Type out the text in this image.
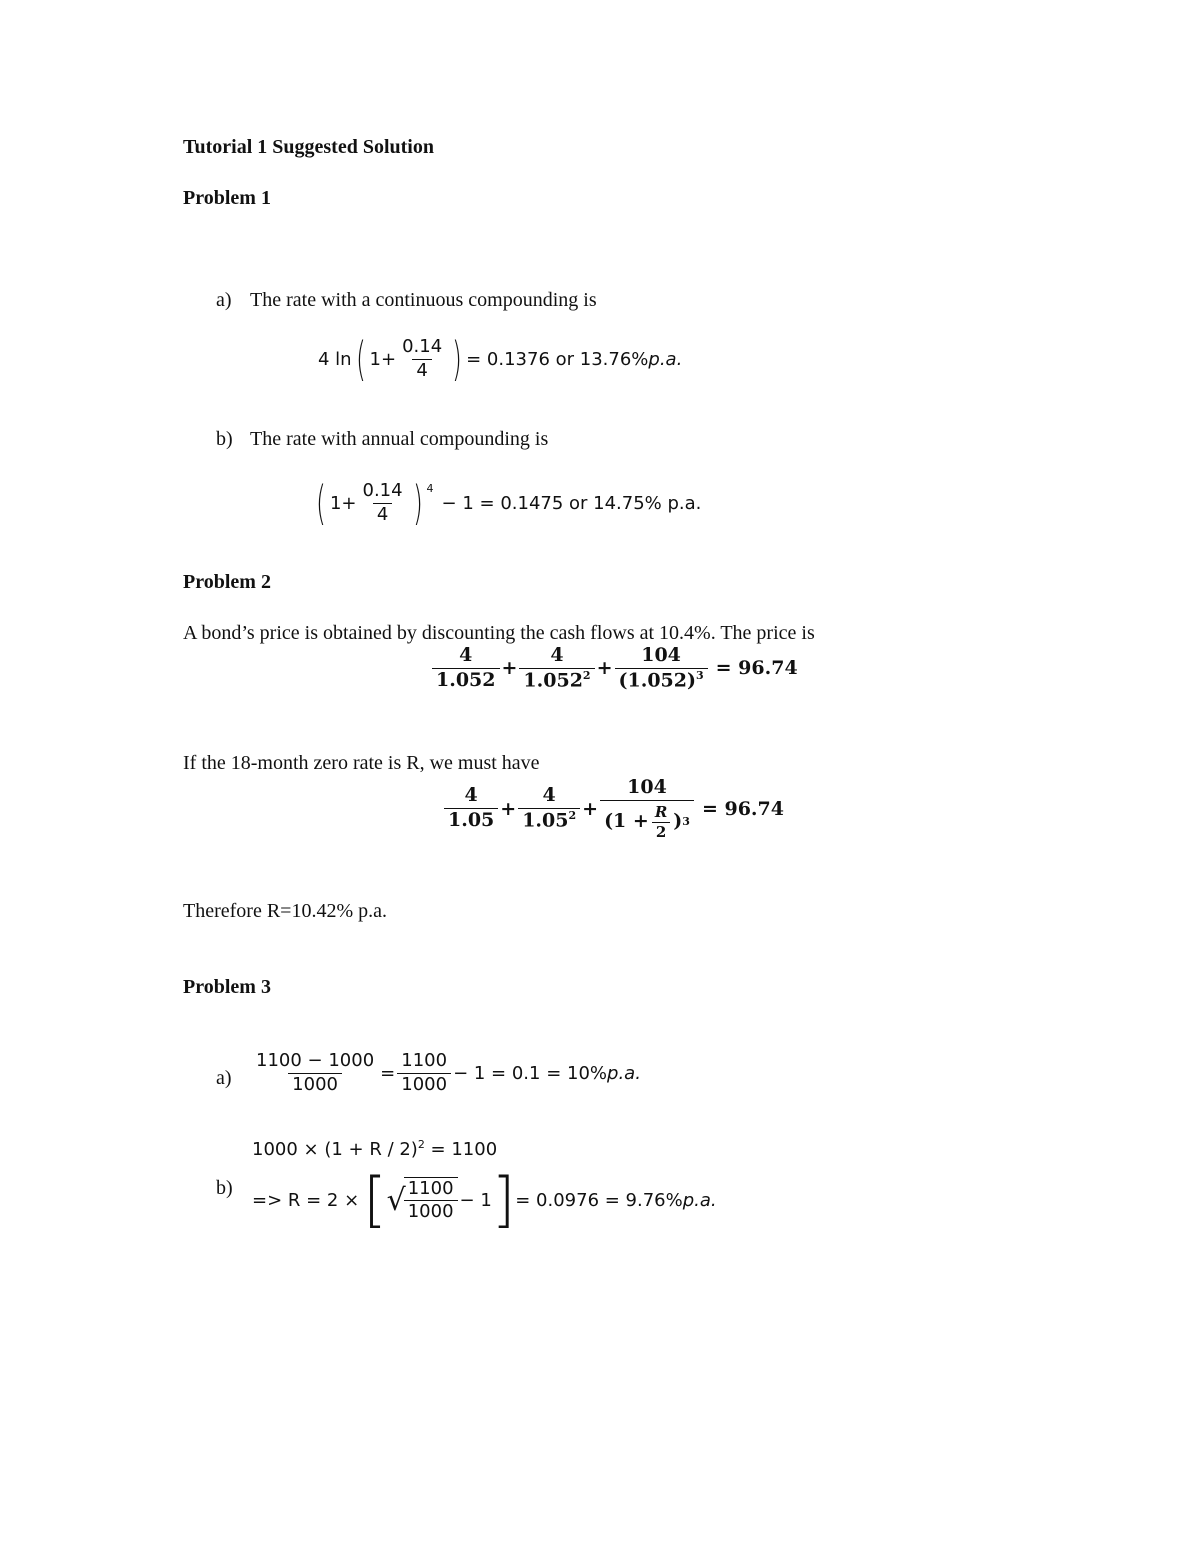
Tutorial 1 Suggested Solution
Problem 1
a) The rate with a continuous compounding is
4 ln ( $1+ \frac{0.14}{4}$ ) = 0.1376 or 13.76% p.a.
b) The rate with annual compounding is
( $1+ \frac{0.14}{4}$ ) $^4$
− 1 = 0.1475 or 14.75% p.a.
Problem 2
A bond’s price is obtained by discounting the cash flows at 10.4%. The price is
$\frac{4}{1.052} + \frac{4}{1.052^2} + \frac{104}{(1.052)^3} = 96.74$
If the 18-month zero rate is R, we must have
$\frac{4}{1.05} + \frac{4}{1.05^2} + \frac{104}{(1 + \frac{R}{2} ) 3} = 96.74$
Therefore R=10.42% p.a.
Problem 3
$a) \frac{1100 - 1000}{1000} = \frac{1100}{1000} - 1 = 0.1 = 10\%$ p.a.
$1000 \times (1 + R / 2)^2 = 1100$
b)
=> R = 2 × [ √
$\frac{1100}{1000} - 1$ ] = 0.0976 = 9.76% p.a.
